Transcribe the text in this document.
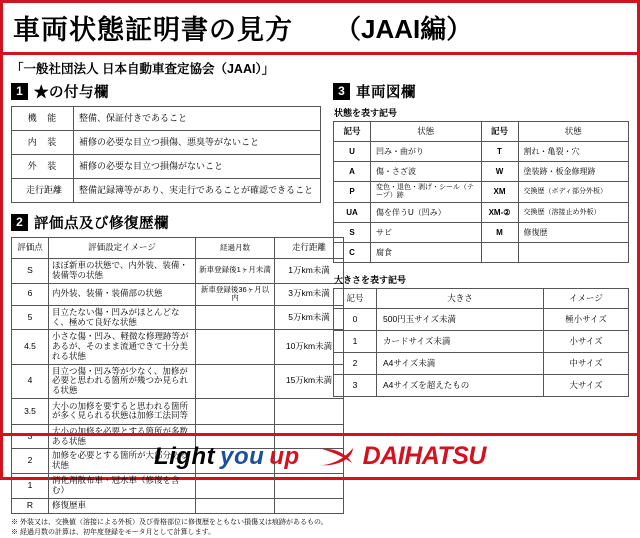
車両状態証明書の見方 （JAAI編）
「一般社団法人 日本自動車査定協会（JAAI）」
1 ★の付与欄
機 能	整備、保証付きであること
内 装	補修の必要な目立つ損傷、悪臭等がないこと
外 装	補修の必要な目立つ損傷がないこと
走行距離	整備記録簿等があり、実走行であることが確認できること
2 評価点及び修復歴欄
評価点	評価設定イメージ	経過月数	走行距離
S	ほぼ新車の状態で、内外装、装備・装備等の状態	新車登録後1ヶ月未満	1万km未満
6	内外装、装備・装備部の状態	新車登録後36ヶ月以内	3万km未満
5	目立たない傷・凹みがほとんどなく、極めて良好な状態		5万km未満
4.5	小さな傷・凹み、軽微な修理跡等があるが、そのまま流通できて十分美れる状態		10万km未満
4	目立つ傷・凹み等が少なく、加修が必要と思われる箇所が幾つか見られる状態		15万km未満
3.5	大小の加修を要すると思われる箇所が多く見られる状態は加修工法同等		
3	大小の加修を必要とする箇所が多数ある状態		
2	加修を必要とする箇所が大部分ある状態		
1	消化剤散布車・冠水車（修復を含む）		
R	修復歴車		
※ 外装又は、交換値（溶接による外板）及び骨格部位に修復歴をともない損傷又は痕跡があるもの。
※ 経過月数の計算は、初年度登録をモータ月として計算します。
3 車両図欄
状態を表す記号
記号	状態	記号	状態
U	凹み・曲がり	T	割れ・亀裂・穴
A	傷・さざ波	W	塗装跡・板金修理跡
P	変色・退色・剥げ・シール（テープ）跡	XM	交換歴（ボディ部分外板）
UA	傷を伴うU（凹み）	XM-②	交換歴（溶接止め外板）
S	サビ	M	修復歴
C	腐食		
大きさを表す記号
記号	大きさ	イメージ
0	500円玉サイズ未満	極小サイズ
1	カードサイズ未満	小サイズ
2	A4サイズ未満	中サイズ
3	A4サイズを超えたもの	大サイズ
Light you up	DAIHATSU
